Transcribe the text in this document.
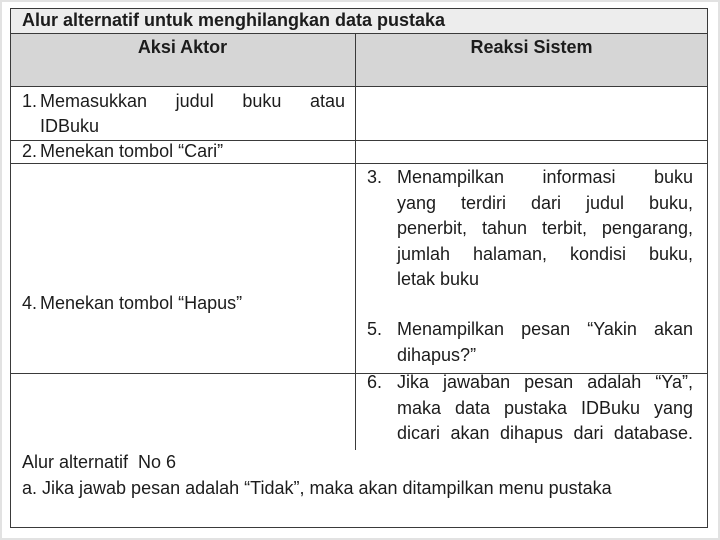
Alur alternatif untuk menghilangkan data pustaka
Aksi Aktor	Reaksi Sistem
1. Memasukkan judul buku atau
IDBuku
2. Menekan tombol “Cari”
4. Menekan tombol “Hapus”
3. Menampilkan informasi buku
yang terdiri dari judul buku,
penerbit, tahun terbit, pengarang,
jumlah halaman, kondisi buku,
letak buku
5. Menampilkan pesan “Yakin akan
dihapus?”
6. Jika jawaban pesan adalah “Ya”,
maka data pustaka IDBuku yang
dicari akan dihapus dari database.
Alur alternatif  No 6
a. Jika jawab pesan adalah “Tidak”, maka akan ditampilkan menu pustaka
